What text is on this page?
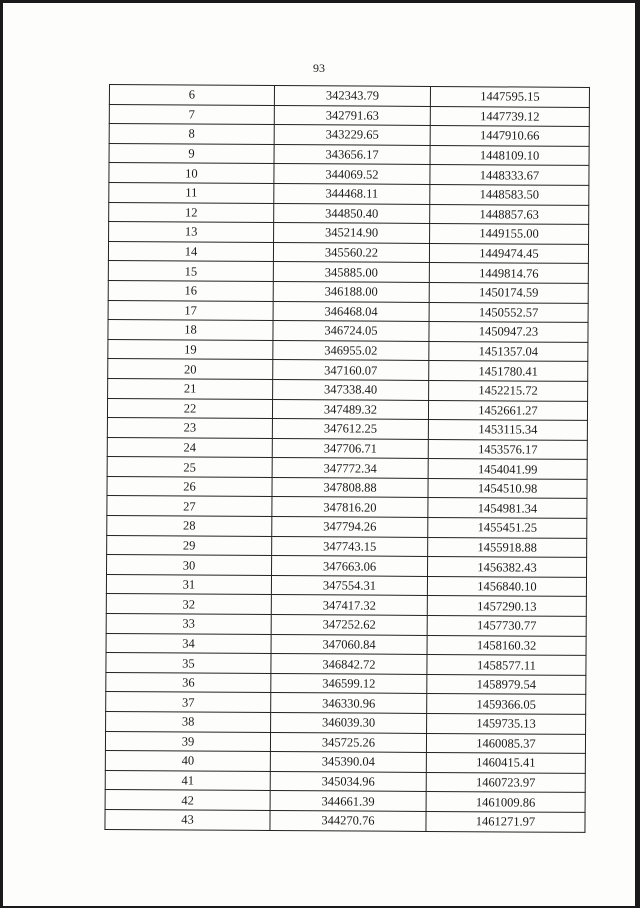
93
6	342343.79	1447595.15
7	342791.63	1447739.12
8	343229.65	1447910.66
9	343656.17	1448109.10
10	344069.52	1448333.67
11	344468.11	1448583.50
12	344850.40	1448857.63
13	345214.90	1449155.00
14	345560.22	1449474.45
15	345885.00	1449814.76
16	346188.00	1450174.59
17	346468.04	1450552.57
18	346724.05	1450947.23
19	346955.02	1451357.04
20	347160.07	1451780.41
21	347338.40	1452215.72
22	347489.32	1452661.27
23	347612.25	1453115.34
24	347706.71	1453576.17
25	347772.34	1454041.99
26	347808.88	1454510.98
27	347816.20	1454981.34
28	347794.26	1455451.25
29	347743.15	1455918.88
30	347663.06	1456382.43
31	347554.31	1456840.10
32	347417.32	1457290.13
33	347252.62	1457730.77
34	347060.84	1458160.32
35	346842.72	1458577.11
36	346599.12	1458979.54
37	346330.96	1459366.05
38	346039.30	1459735.13
39	345725.26	1460085.37
40	345390.04	1460415.41
41	345034.96	1460723.97
42	344661.39	1461009.86
43	344270.76	1461271.97
